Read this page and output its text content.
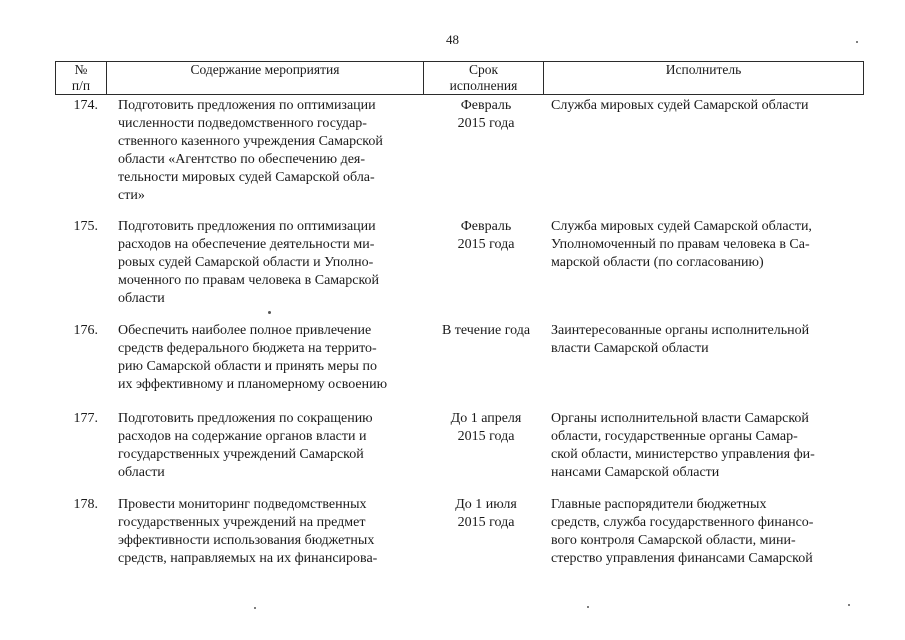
48
№
п/п
Содержание мероприятия	Срок
исполнения
Исполнитель
174. Подготовить предложения по оптимизации
численности подведомственного государ-
ственного казенного учреждения Самарской
области «Агентство по обеспечению дея-
тельности мировых судей Самарской обла-
сти»
Февраль
2015 года
Служба мировых судей Самарской области
175. Подготовить предложения по оптимизации
расходов на обеспечение деятельности ми-
ровых судей Самарской области и Уполно-
моченного по правам человека в Самарской
области
Февраль
2015 года
Служба мировых судей Самарской области,
Уполномоченный по правам человека в Са-
марской области (по согласованию)
176. Обеспечить наиболее полное привлечение
средств федерального бюджета на террито-
рию Самарской области и принять меры по
их эффективному и планомерному освоению
В течение года	Заинтересованные органы исполнительной
власти Самарской области
177. Подготовить предложения по сокращению
расходов на содержание органов власти и
государственных учреждений Самарской
области
До 1 апреля
2015 года
Органы исполнительной власти Самарской
области, государственные органы Самар-
ской области, министерство управления фи-
нансами Самарской области
178. Провести мониторинг подведомственных
государственных учреждений на предмет
эффективности использования бюджетных
средств, направляемых на их финансирова-
До 1 июля
2015 года
Главные распорядители бюджетных
средств, служба государственного финансо-
вого контроля Самарской области, мини-
стерство управления финансами Самарской
